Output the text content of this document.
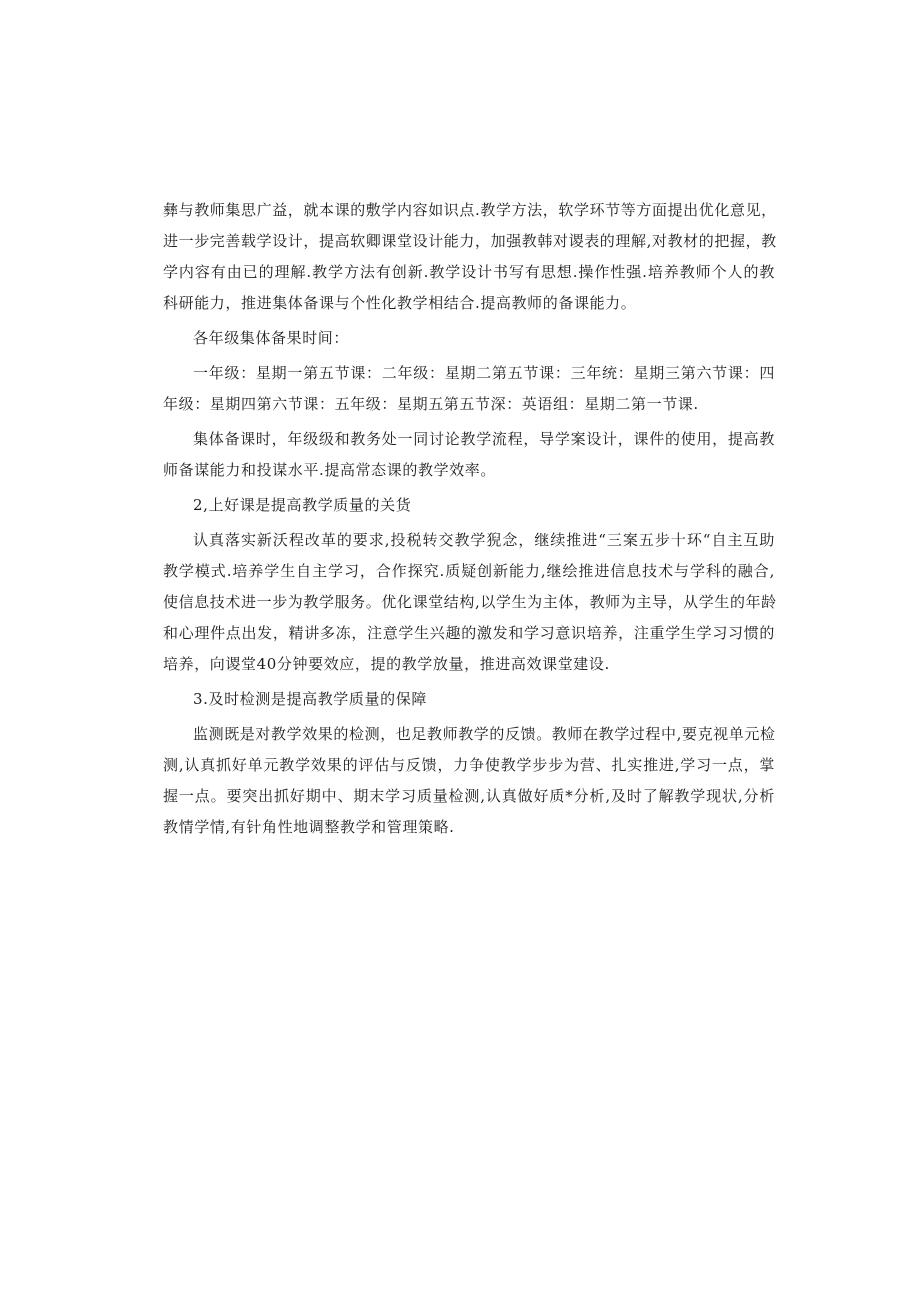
彝与教师集思广益，就本课的敷学内容如识点.教学方法，软学环节等方面提出优化意见，
进一步完善载学设计，提高软卿课堂设计能力，加强教韩对谡表的理解,对教材的把握，教
学内容有由已的理解.教学方法有创新.教学设计书写有思想.操作性强.培养教师个人的教
科研能力，推进集体备课与个性化教学相结合.提高教师的备课能力。

各年级集体备果时间：

一年级：星期一第五节课：二年级：星期二第五节课：三年统：星期三第六节课：四
年级：星期四第六节课：五年级：星期五第五节深：英语组：星期二第一节课.

集体备课时，年级级和教务处一同讨论教学流程，导学案设计，课件的使用，提高教
师备谋能力和投谋水平.提高常态课的教学效率。

2,上好课是提高教学质量的关货

认真落实新沃程改革的要求,投税转交教学猊念，继续推进“三案五步十环“自主互助
教学模式.培养学生自主学习，合作探究.质疑创新能力,继绘推进信息技术与学科的融合,
使信息技术进一步为教学服务。优化课堂结构,以学生为主体，教师为主导，从学生的年龄
和心理件点出发，精讲多冻，注意学生兴趣的激发和学习意识培养，注重学生学习习惯的
培养，向谡堂40分钟要效应，提的教学放量，推进高效课堂建设.

3.及时检测是提高教学质量的保障

监测既是对教学效果的检测，也足教师教学的反馈。教师在教学过程中,要克视单元检
测,认真抓好单元教学效果的评估与反馈，力争使教学步步为营、扎实推进,学习一点，掌
握一点。要突出抓好期中、期末学习质量检测,认真做好质*分析,及时了解教学现状,分析
教情学情,有针角性地调整教学和管理策略.
